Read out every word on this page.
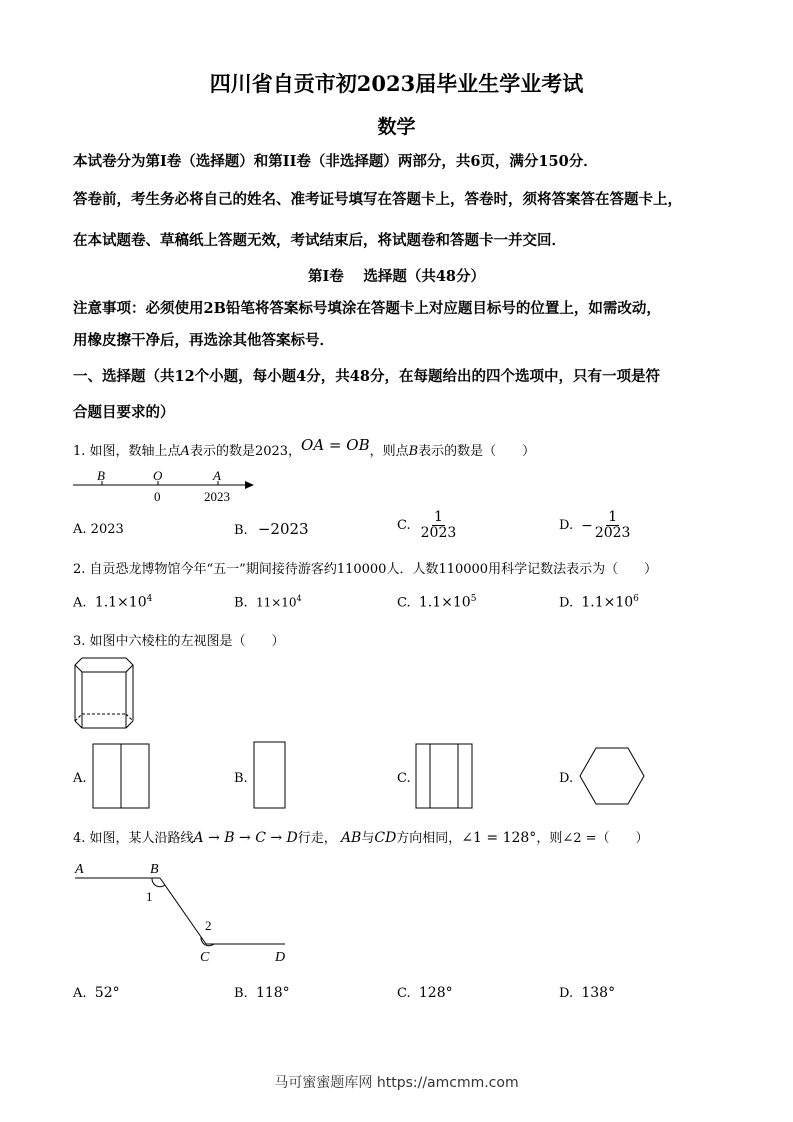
四川省自贡市初2023届毕业生学业考试
数学
本试卷分为第I卷（选择题）和第II卷（非选择题）两部分，共6页，满分150分．
答卷前，考生务必将自己的姓名、准考证号填写在答题卡上，答卷时，须将答案答在答题卡上，
在本试题卷、草稿纸上答题无效，考试结束后，将试题卷和答题卡一并交回．
第I卷　 选择题（共48分）
注意事项：必须使用2B铅笔将答案标号填涂在答题卡上对应题目标号的位置上，如需改动，
用橡皮擦干净后，再选涂其他答案标号．
一、选择题（共12个小题，每小题4分，共48分，在每题给出的四个选项中，只有一项是符
合题目要求的）
1. 如图，数轴上点A表示的数是2023，OA = OB，则点B表示的数是（　　）
B	O	A
0	2023
A. 2023	B. −2023	C. $\frac{1}{2023}$	D. − $\frac{1}{2023}$
2. 自贡恐龙博物馆今年“五一”期间接待游客约110000人．人数110000用科学记数法表示为（　　）
A. $1.1\times 10^4$	B. $11\times 10^4$	C. $1.1\times 10^5$	D. $1.1\times 10^6$
3. 如图中六棱柱的左视图是（　　）
A.	B.	C.	D.
4. 如图，某人沿路线A → B → C → D行走， AB与CD方向相同，∠1 = 128°，则∠2 =（　　）
A	B
1
2
C	D
A. 52°	B. 118°	C. 128°	D. 138°
马可蜜蜜题库网 https://amcmm.com
